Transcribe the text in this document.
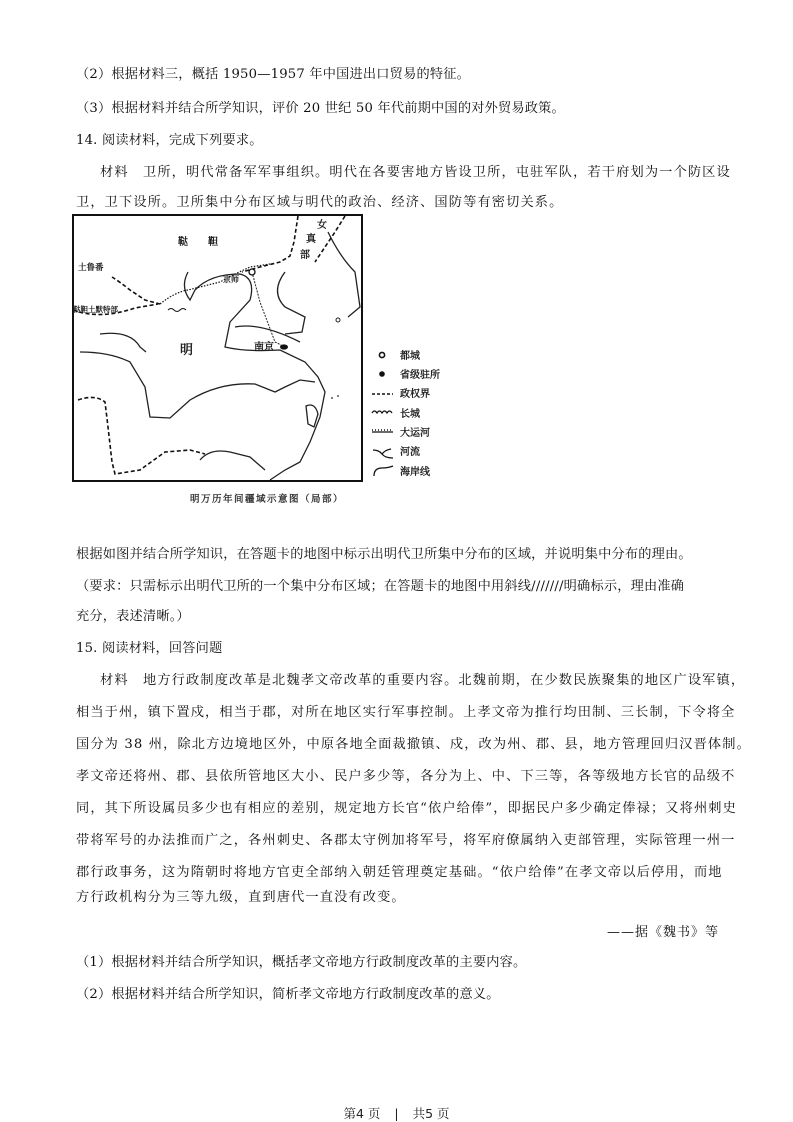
（2）根据材料三，概括 1950—1957 年中国进出口贸易的特征。
（3）根据材料并结合所学知识，评价 20 世纪 50 年代前期中国的对外贸易政策。
14. 阅读材料，完成下列要求。
材料　卫所，明代常备军军事组织。明代在各要害地方皆设卫所，屯驻军队，若干府划为一个防区设
卫，卫下设所。卫所集中分布区域与明代的政治、经济、国防等有密切关系。
鞑　　靼
土鲁番
鞑靼土默特部
明	南京
京师
女
真
部
都城
省级驻所
政权界
长城
大运河
河流
海岸线
明万历年间疆域示意图（局部）
根据如图并结合所学知识，在答题卡的地图中标示出明代卫所集中分布的区域，并说明集中分布的理由。
（要求：只需标示出明代卫所的一个集中分布区域；在答题卡的地图中用斜线///////明确标示，理由准确
充分，表述清晰。）
15. 阅读材料，回答问题
材料　地方行政制度改革是北魏孝文帝改革的重要内容。北魏前期，在少数民族聚集的地区广设军镇，
相当于州，镇下置戍，相当于郡，对所在地区实行军事控制。上孝文帝为推行均田制、三长制，下令将全
国分为 38 州，除北方边境地区外，中原各地全面裁撤镇、戍，改为州、郡、县，地方管理回归汉晋体制。
孝文帝还将州、郡、县依所管地区大小、民户多少等，各分为上、中、下三等，各等级地方长官的品级不
同，其下所设属员多少也有相应的差别，规定地方长官“依户给俸”，即据民户多少确定俸禄；又将州刺史
带将军号的办法推而广之，各州刺史、各郡太守例加将军号，将军府僚属纳入吏部管理，实际管理一州一
郡行政事务，这为隋朝时将地方官吏全部纳入朝廷管理奠定基础。“依户给俸”在孝文帝以后停用，而地
方行政机构分为三等九级，直到唐代一直没有改变。
——据《魏书》等
（1）根据材料并结合所学知识，概括孝文帝地方行政制度改革的主要内容。
（2）根据材料并结合所学知识，简析孝文帝地方行政制度改革的意义。
第4 页 | 共5 页
